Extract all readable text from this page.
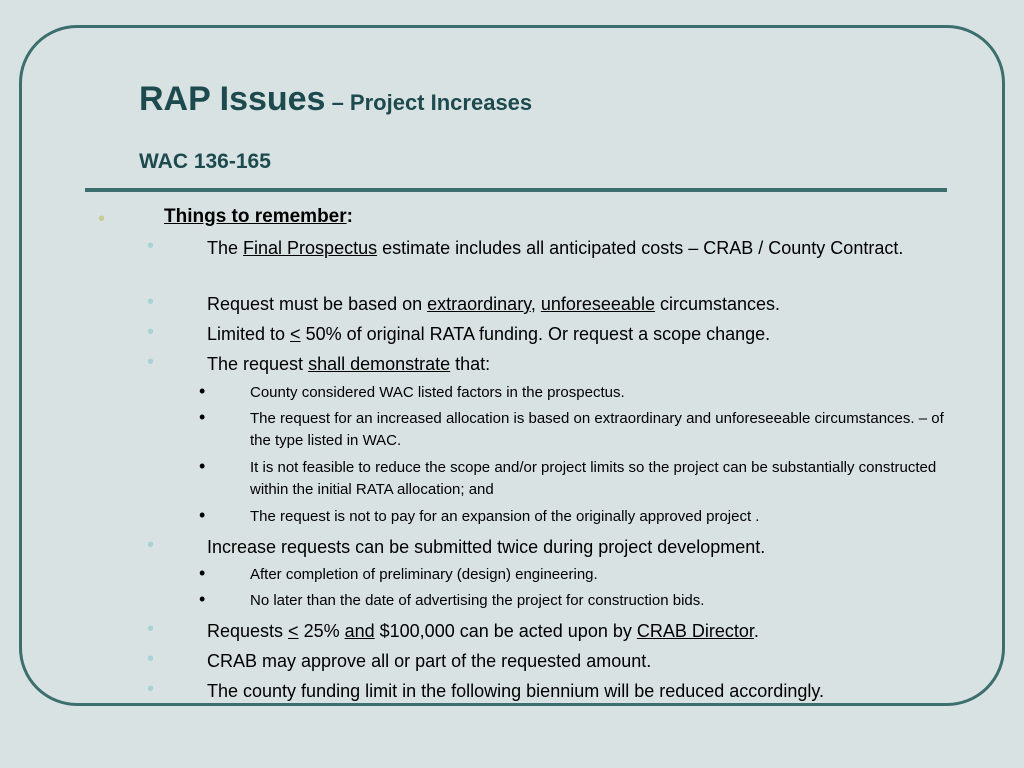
RAP Issues – Project Increases

WAC 136-165

•	Things to remember:
•	The Final Prospectus estimate includes all anticipated costs – CRAB / County Contract.
•	Request must be based on extraordinary, unforeseeable circumstances.
•	Limited to < 50% of original RATA funding. Or request a scope change.
•	The request shall demonstrate that:
•	County considered WAC listed factors in the prospectus.
•	The request for an increased allocation is based on extraordinary and unforeseeable circumstances. – of the type listed in WAC.
•	It is not feasible to reduce the scope and/or project limits so the project can be substantially constructed within the initial RATA allocation; and
•	The request is not to pay for an expansion of the originally approved project .
•	Increase requests can be submitted twice during project development.
•	After completion of preliminary (design) engineering.
•	No later than the date of advertising the project for construction bids.
•	Requests < 25% and $100,000 can be acted upon by CRAB Director.
•	CRAB may approve all or part of the requested amount.
•	The county funding limit in the following biennium will be reduced accordingly.
